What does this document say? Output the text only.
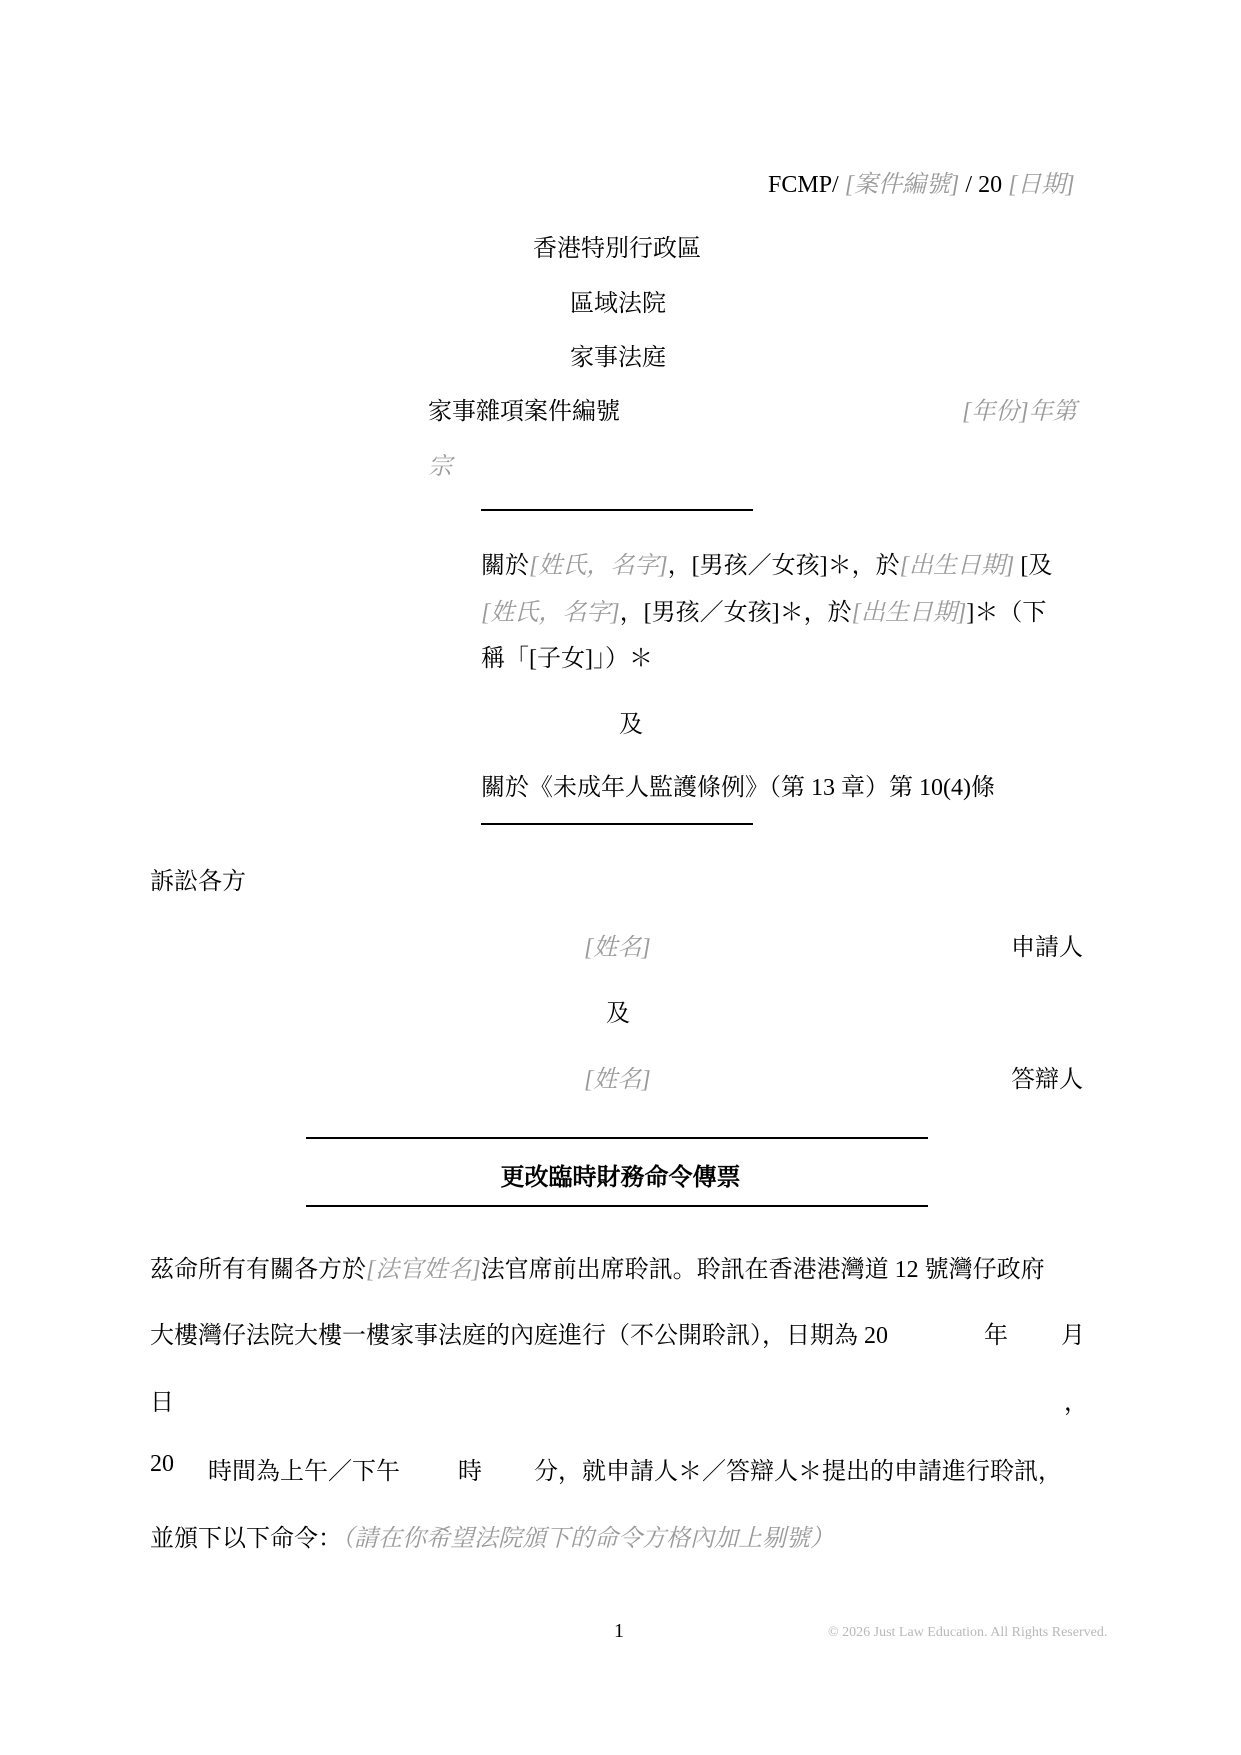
FCMP/ [案件編號] / 20 [日期]
香港特別行政區
區域法院
家事法庭
家事雜項案件編號	[年份]年第
宗
關於[姓氏，名字]，[男孩／女孩]＊，於[出生日期] [及
[姓氏，名字]，[男孩／女孩]＊，於[出生日期]]＊（下
稱「[子女]」）＊
及
關於《未成年人監護條例》（第 13 章）第 10(4)條
訴訟各方
[姓名]	申請人
及
[姓名]	答辯人
更改臨時財務命令傳票
茲命所有有關各方於[法官姓名]法官席前出席聆訊。聆訊在香港港灣道 12 號灣仔政府
大樓灣仔法院大樓一樓家事法庭的內庭進行（不公開聆訊），日期為 20	年 月
日	，
20 時間為上午／下午 時 分，就申請人＊／答辯人＊提出的申請進行聆訊，
並頒下以下命令：（請在你希望法院頒下的命令方格內加上剔號）
1	© 2026 Just Law Education. All Rights Reserved.
